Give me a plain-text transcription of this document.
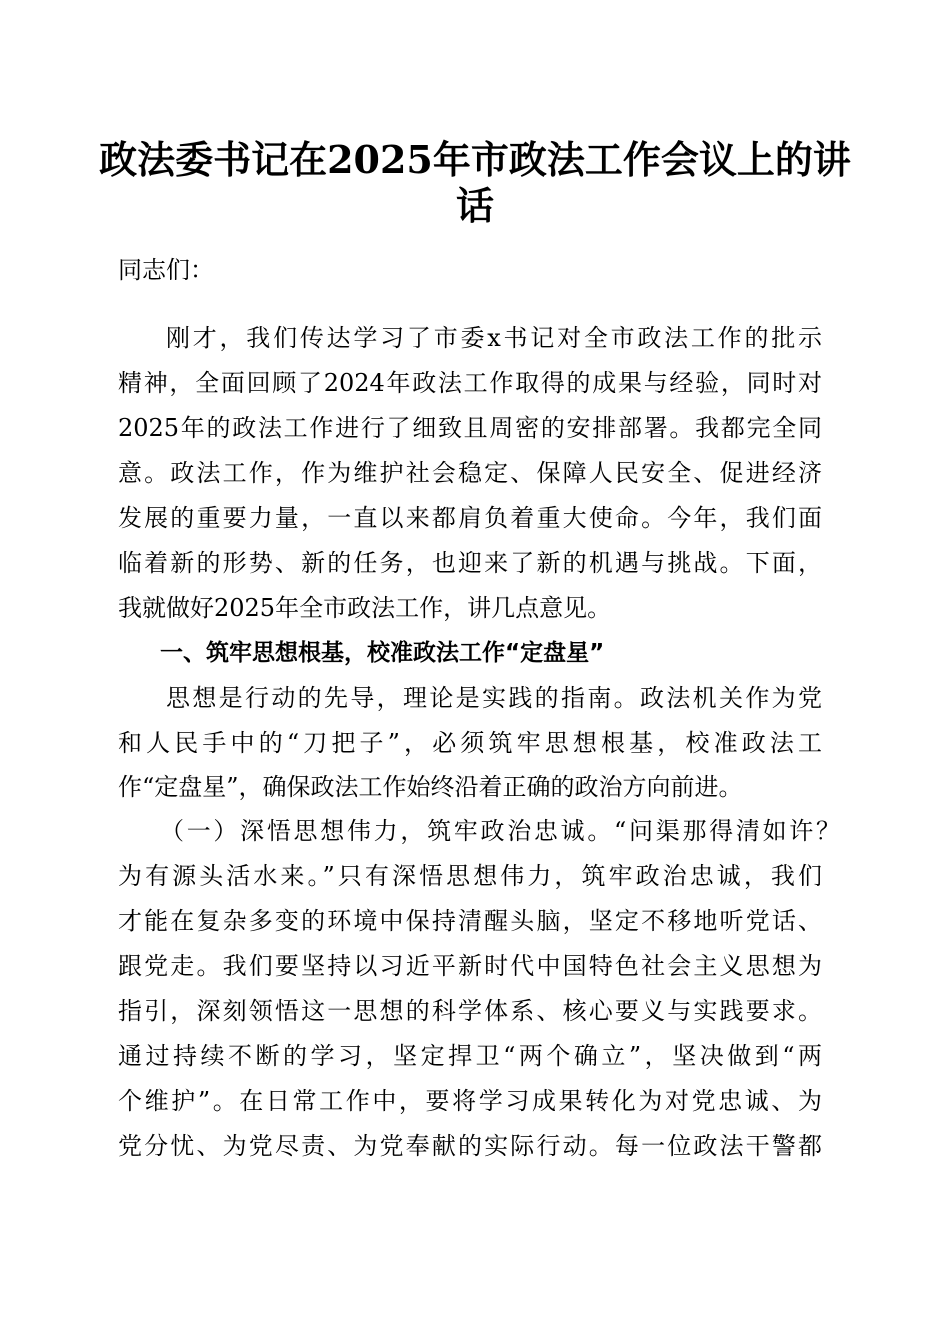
政法委书记在2025年市政法工作会议上的讲
话
同志们：
刚才，我们传达学习了市委x书记对全市政法工作的批示
精神，全面回顾了2024年政法工作取得的成果与经验，同时对
2025年的政法工作进行了细致且周密的安排部署。我都完全同
意。政法工作，作为维护社会稳定、保障人民安全、促进经济
发展的重要力量，一直以来都肩负着重大使命。今年，我们面
临着新的形势、新的任务，也迎来了新的机遇与挑战。下面，
我就做好2025年全市政法工作，讲几点意见。
一、筑牢思想根基，校准政法工作“定盘星”
思想是行动的先导，理论是实践的指南。政法机关作为党
和人民手中的“刀把子”，必须筑牢思想根基，校准政法工
作“定盘星”，确保政法工作始终沿着正确的政治方向前进。
（一）深悟思想伟力，筑牢政治忠诚。“问渠那得清如许？
为有源头活水来。”只有深悟思想伟力，筑牢政治忠诚，我们
才能在复杂多变的环境中保持清醒头脑，坚定不移地听党话、
跟党走。我们要坚持以习近平新时代中国特色社会主义思想为
指引，深刻领悟这一思想的科学体系、核心要义与实践要求。
通过持续不断的学习，坚定捍卫“两个确立”，坚决做到“两
个维护”。在日常工作中，要将学习成果转化为对党忠诚、为
党分忧、为党尽责、为党奉献的实际行动。每一位政法干警都
